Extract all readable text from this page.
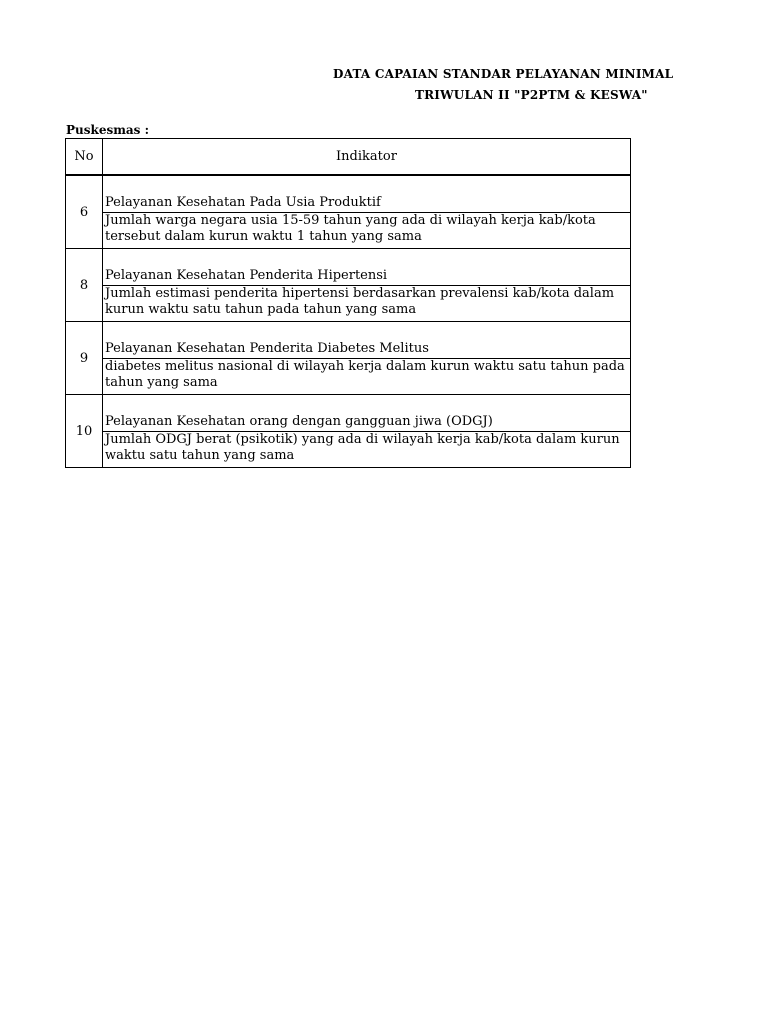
DATA CAPAIAN STANDAR PELAYANAN MINIMAL
TRIWULAN II "P2PTM & KESWA"
Puskesmas :
No	Indikator
6	Pelayanan Kesehatan Pada Usia Produktif

	Jumlah warga negara usia 15-59 tahun yang ada di wilayah kerja kab/kota tersebut dalam kurun waktu 1 tahun yang sama

8	Pelayanan Kesehatan Penderita Hipertensi

	Jumlah estimasi penderita hipertensi berdasarkan prevalensi kab/kota dalam kurun waktu satu tahun pada tahun yang sama

9	Pelayanan Kesehatan Penderita Diabetes Melitus

	diabetes melitus nasional di wilayah kerja dalam kurun waktu satu tahun pada tahun yang sama

10	Pelayanan Kesehatan orang dengan gangguan jiwa (ODGJ)

	Jumlah ODGJ berat (psikotik) yang ada di wilayah kerja kab/kota dalam kurun waktu satu tahun yang sama
